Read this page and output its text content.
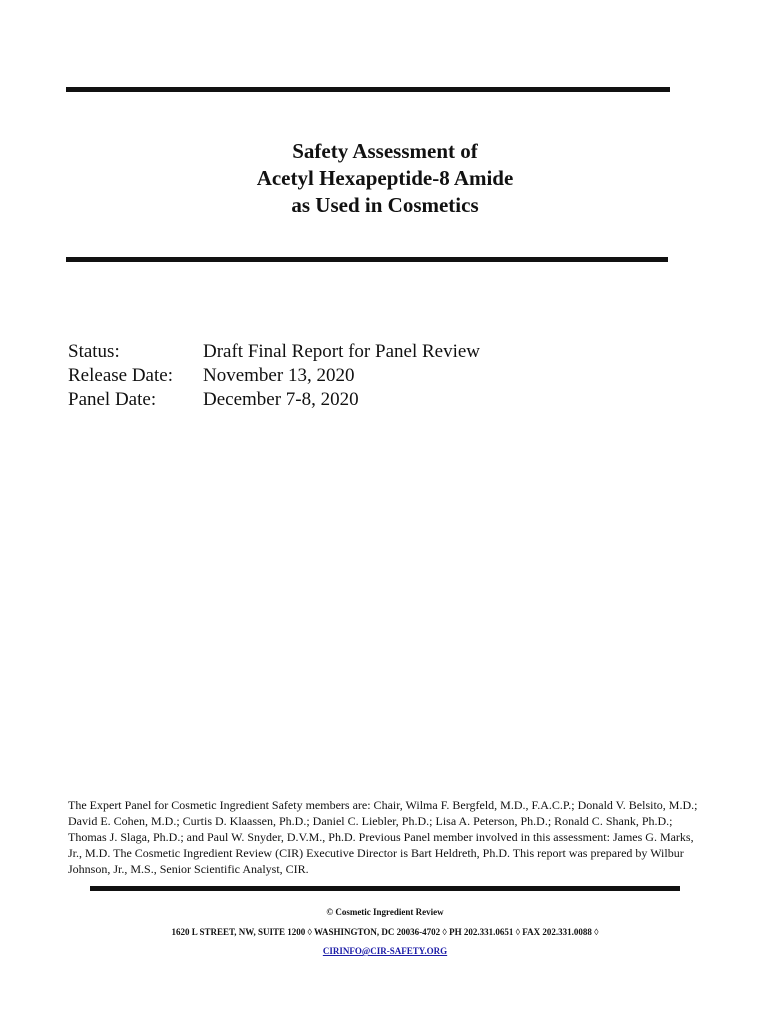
Safety Assessment of
Acetyl Hexapeptide-8 Amide
as Used in Cosmetics
Status:	Draft Final Report for Panel Review
Release Date:	November 13, 2020
Panel Date:	December 7-8, 2020
The Expert Panel for Cosmetic Ingredient Safety members are: Chair, Wilma F. Bergfeld, M.D., F.A.C.P.; Donald V. Belsito, M.D.; David E. Cohen, M.D.; Curtis D. Klaassen, Ph.D.; Daniel C. Liebler, Ph.D.; Lisa A. Peterson, Ph.D.; Ronald C. Shank, Ph.D.; Thomas J. Slaga, Ph.D.; and Paul W. Snyder, D.V.M., Ph.D. Previous Panel member involved in this assessment: James G. Marks, Jr., M.D. The Cosmetic Ingredient Review (CIR) Executive Director is Bart Heldreth, Ph.D. This report was prepared by Wilbur Johnson, Jr., M.S., Senior Scientific Analyst, CIR.
© Cosmetic Ingredient Review
1620 L STREET, NW, SUITE 1200 ◊ WASHINGTON, DC 20036-4702 ◊ PH 202.331.0651 ◊ FAX 202.331.0088 ◊
CIRINFO@CIR-SAFETY.ORG
